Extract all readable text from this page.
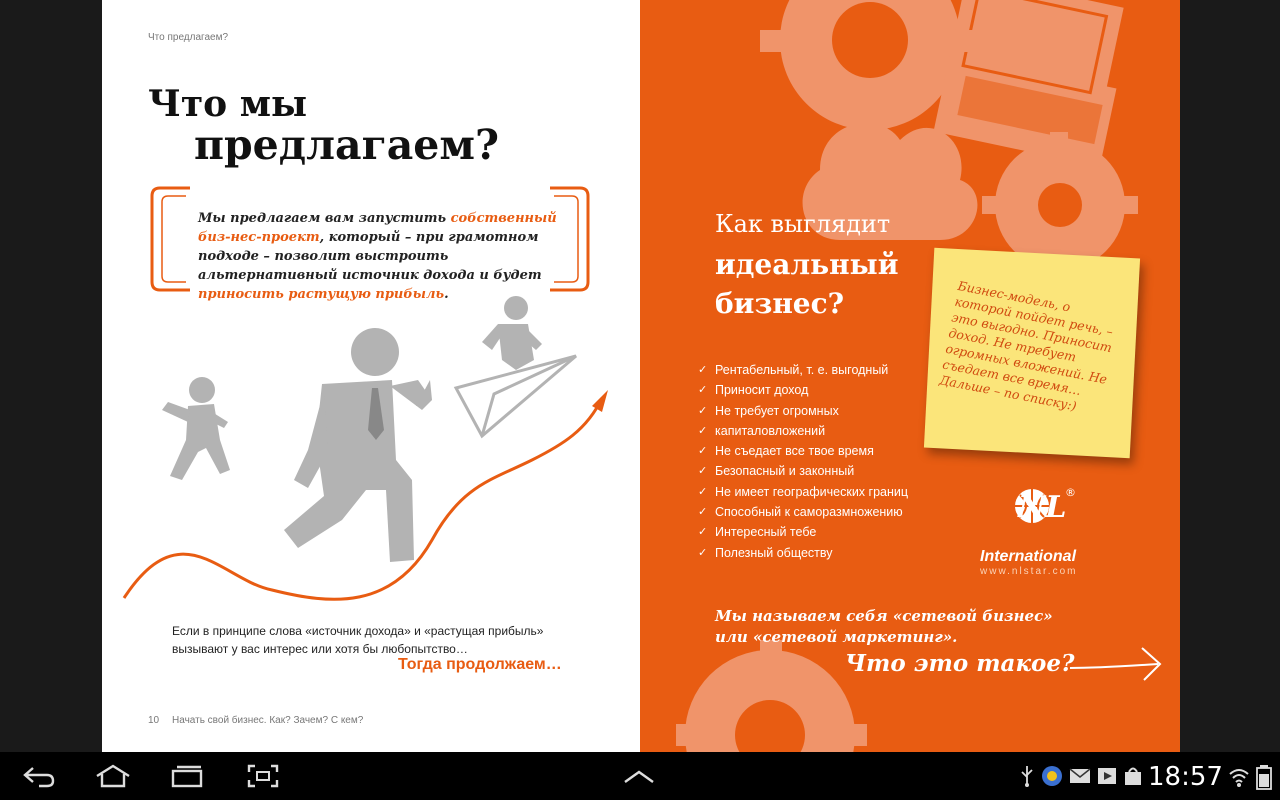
Что предлагаем?
Что мы
предлагаем?
Мы предлагаем вам запустить собственный биз-нес-проект, который – при грамотном подходе – позволит выстроить альтернативный источник дохода и будет приносить растущую прибыль.
Если в принципе слова «источник дохода» и «растущая прибыль» вызывают у вас интерес или хотя бы любопытство…
Тогда продолжаем…
10 Начать свой бизнес. Как? Зачем? С кем?
Как выглядит
идеальный
бизнес?
✓ Рентабельный, т. е. выгодный
✓ Приносит доход
✓ Не требует огромных
✓ капиталовложений
✓ Не съедает все твое время
✓ Безопасный и законный
✓ Не имеет географических границ
✓ Способный к саморазмножению
✓ Интересный тебе
✓ Полезный обществу
Бизнес-модель, о которой пойдет речь, – это выгодно. Приносит доход. Не требует огромных вложений. Не съедает все время… Дальше – по списку:)
NL
®
International
www.nlstar.com
Мы называем себя «сетевой бизнес»
или «сетевой маркетинг».
Что это такое?
18:57
